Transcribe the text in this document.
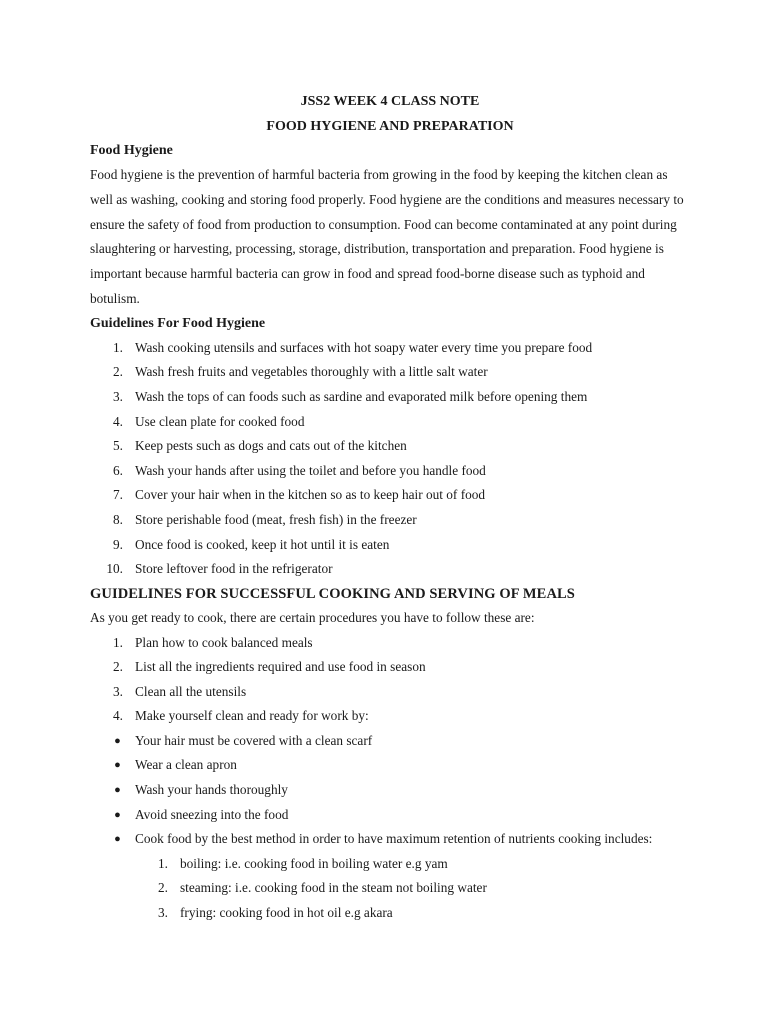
JSS2 WEEK 4 CLASS NOTE

FOOD HYGIENE AND PREPARATION

Food Hygiene

Food hygiene is the prevention of harmful bacteria from growing in the food by keeping the kitchen clean as well as washing, cooking and storing food properly. Food hygiene are the conditions and measures necessary to ensure the safety of food from production to consumption. Food can become contaminated at any point during slaughtering or harvesting, processing, storage, distribution, transportation and preparation. Food hygiene is important because harmful bacteria can grow in food and spread food-borne disease such as typhoid and botulism.

Guidelines For Food Hygiene

1. Wash cooking utensils and surfaces with hot soapy water every time you prepare food
2. Wash fresh fruits and vegetables thoroughly with a little salt water
3. Wash the tops of can foods such as sardine and evaporated milk before opening them
4. Use clean plate for cooked food
5. Keep pests such as dogs and cats out of the kitchen
6. Wash your hands after using the toilet and before you handle food
7. Cover your hair when in the kitchen so as to keep hair out of food
8. Store perishable food (meat, fresh fish) in the freezer
9. Once food is cooked, keep it hot until it is eaten
10. Store leftover food in the refrigerator

GUIDELINES FOR SUCCESSFUL COOKING AND SERVING OF MEALS

As you get ready to cook, there are certain procedures you have to follow these are:

1. Plan how to cook balanced meals
2. List all the ingredients required and use food in season
3. Clean all the utensils
4. Make yourself clean and ready for work by:
● Your hair must be covered with a clean scarf
● Wear a clean apron
● Wash your hands thoroughly
● Avoid sneezing into the food
● Cook food by the best method in order to have maximum retention of nutrients cooking includes:
1. boiling: i.e. cooking food in boiling water e.g yam
2. steaming: i.e. cooking food in the steam not boiling water
3. frying: cooking food in hot oil e.g akara
